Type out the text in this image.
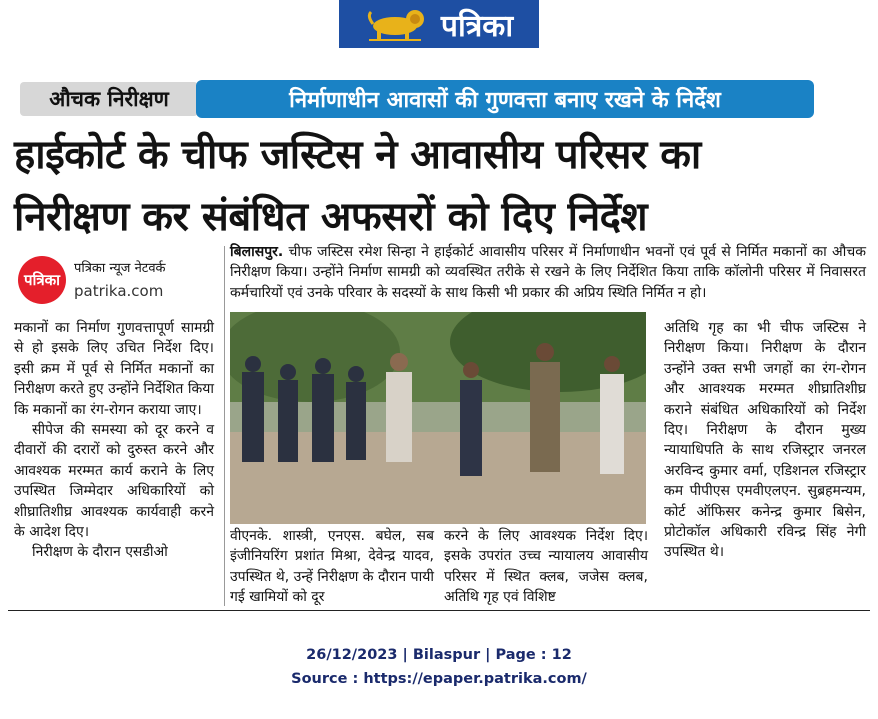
पत्रिका
औचक निरीक्षण	निर्माणाधीन आवासों की गुणवत्ता बनाए रखने के निर्देश
हाईकोर्ट के चीफ जस्टिस ने आवासीय परिसर का
निरीक्षण कर संबंधित अफसरों को दिए निर्देश
पत्रिका
पत्रिका न्यूज नेटवर्क
patrika.com
बिलासपुर. चीफ जस्टिस रमेश सिन्हा ने हाईकोर्ट आवासीय परिसर में निर्माणाधीन भवनों एवं पूर्व से निर्मित मकानों का औचक निरीक्षण किया। उन्होंने निर्माण सामग्री को व्यवस्थित तरीके से रखने के लिए निर्देशित किया ताकि कॉलोनी परिसर में निवासरत कर्मचारियों एवं उनके परिवार के सदस्यों के साथ किसी भी प्रकार की अप्रिय स्थिति निर्मित न हो।
मकानों का निर्माण गुणवत्तापूर्ण सामग्री से हो इसके लिए उचित निर्देश दिए। इसी क्रम में पूर्व से निर्मित मकानों का निरीक्षण करते हुए उन्होंने निर्देशित किया कि मकानों का रंग-रोगन कराया जाए।
सीपेज की समस्या को दूर करने व दीवारों की दरारों को दुरुस्त करने और आवश्यक मरम्मत कार्य कराने के लिए उपस्थित जिम्मेदार अधिकारियों को शीघ्रातिशीघ्र आवश्यक कार्यवाही करने के आदेश दिए।
निरीक्षण के दौरान एसडीओ
अतिथि गृह का भी चीफ जस्टिस ने निरीक्षण किया। निरीक्षण के दौरान उन्होंने उक्त सभी जगहों का रंग-रोगन और आवश्यक मरम्मत शीघ्रातिशीघ्र कराने संबंधित अधिकारियों को निर्देश दिए। निरीक्षण के दौरान मुख्य न्यायाधिपति के साथ रजिस्ट्रार जनरल अरविन्द कुमार वर्मा, एडिशनल रजिस्ट्रार कम पीपीएस एमवीएलएन. सुब्रहमन्यम, कोर्ट ऑफिसर कनेन्द्र कुमार बिसेन, प्रोटोकॉल अधिकारी रविन्द्र सिंह नेगी उपस्थित थे।
वीएनके. शास्त्री, एनएस. बघेल, सब इंजीनियरिंग प्रशांत मिश्रा, देवेन्द्र यादव, उपस्थित थे, उन्हें निरीक्षण के दौरान पायी गई खामियों को दूर
करने के लिए आवश्यक निर्देश दिए। इसके उपरांत उच्च न्यायालय आवासीय परिसर में स्थित क्लब, जजेस क्लब, अतिथि गृह एवं विशिष्ट
26/12/2023 | Bilaspur | Page : 12
Source : https://epaper.patrika.com/
